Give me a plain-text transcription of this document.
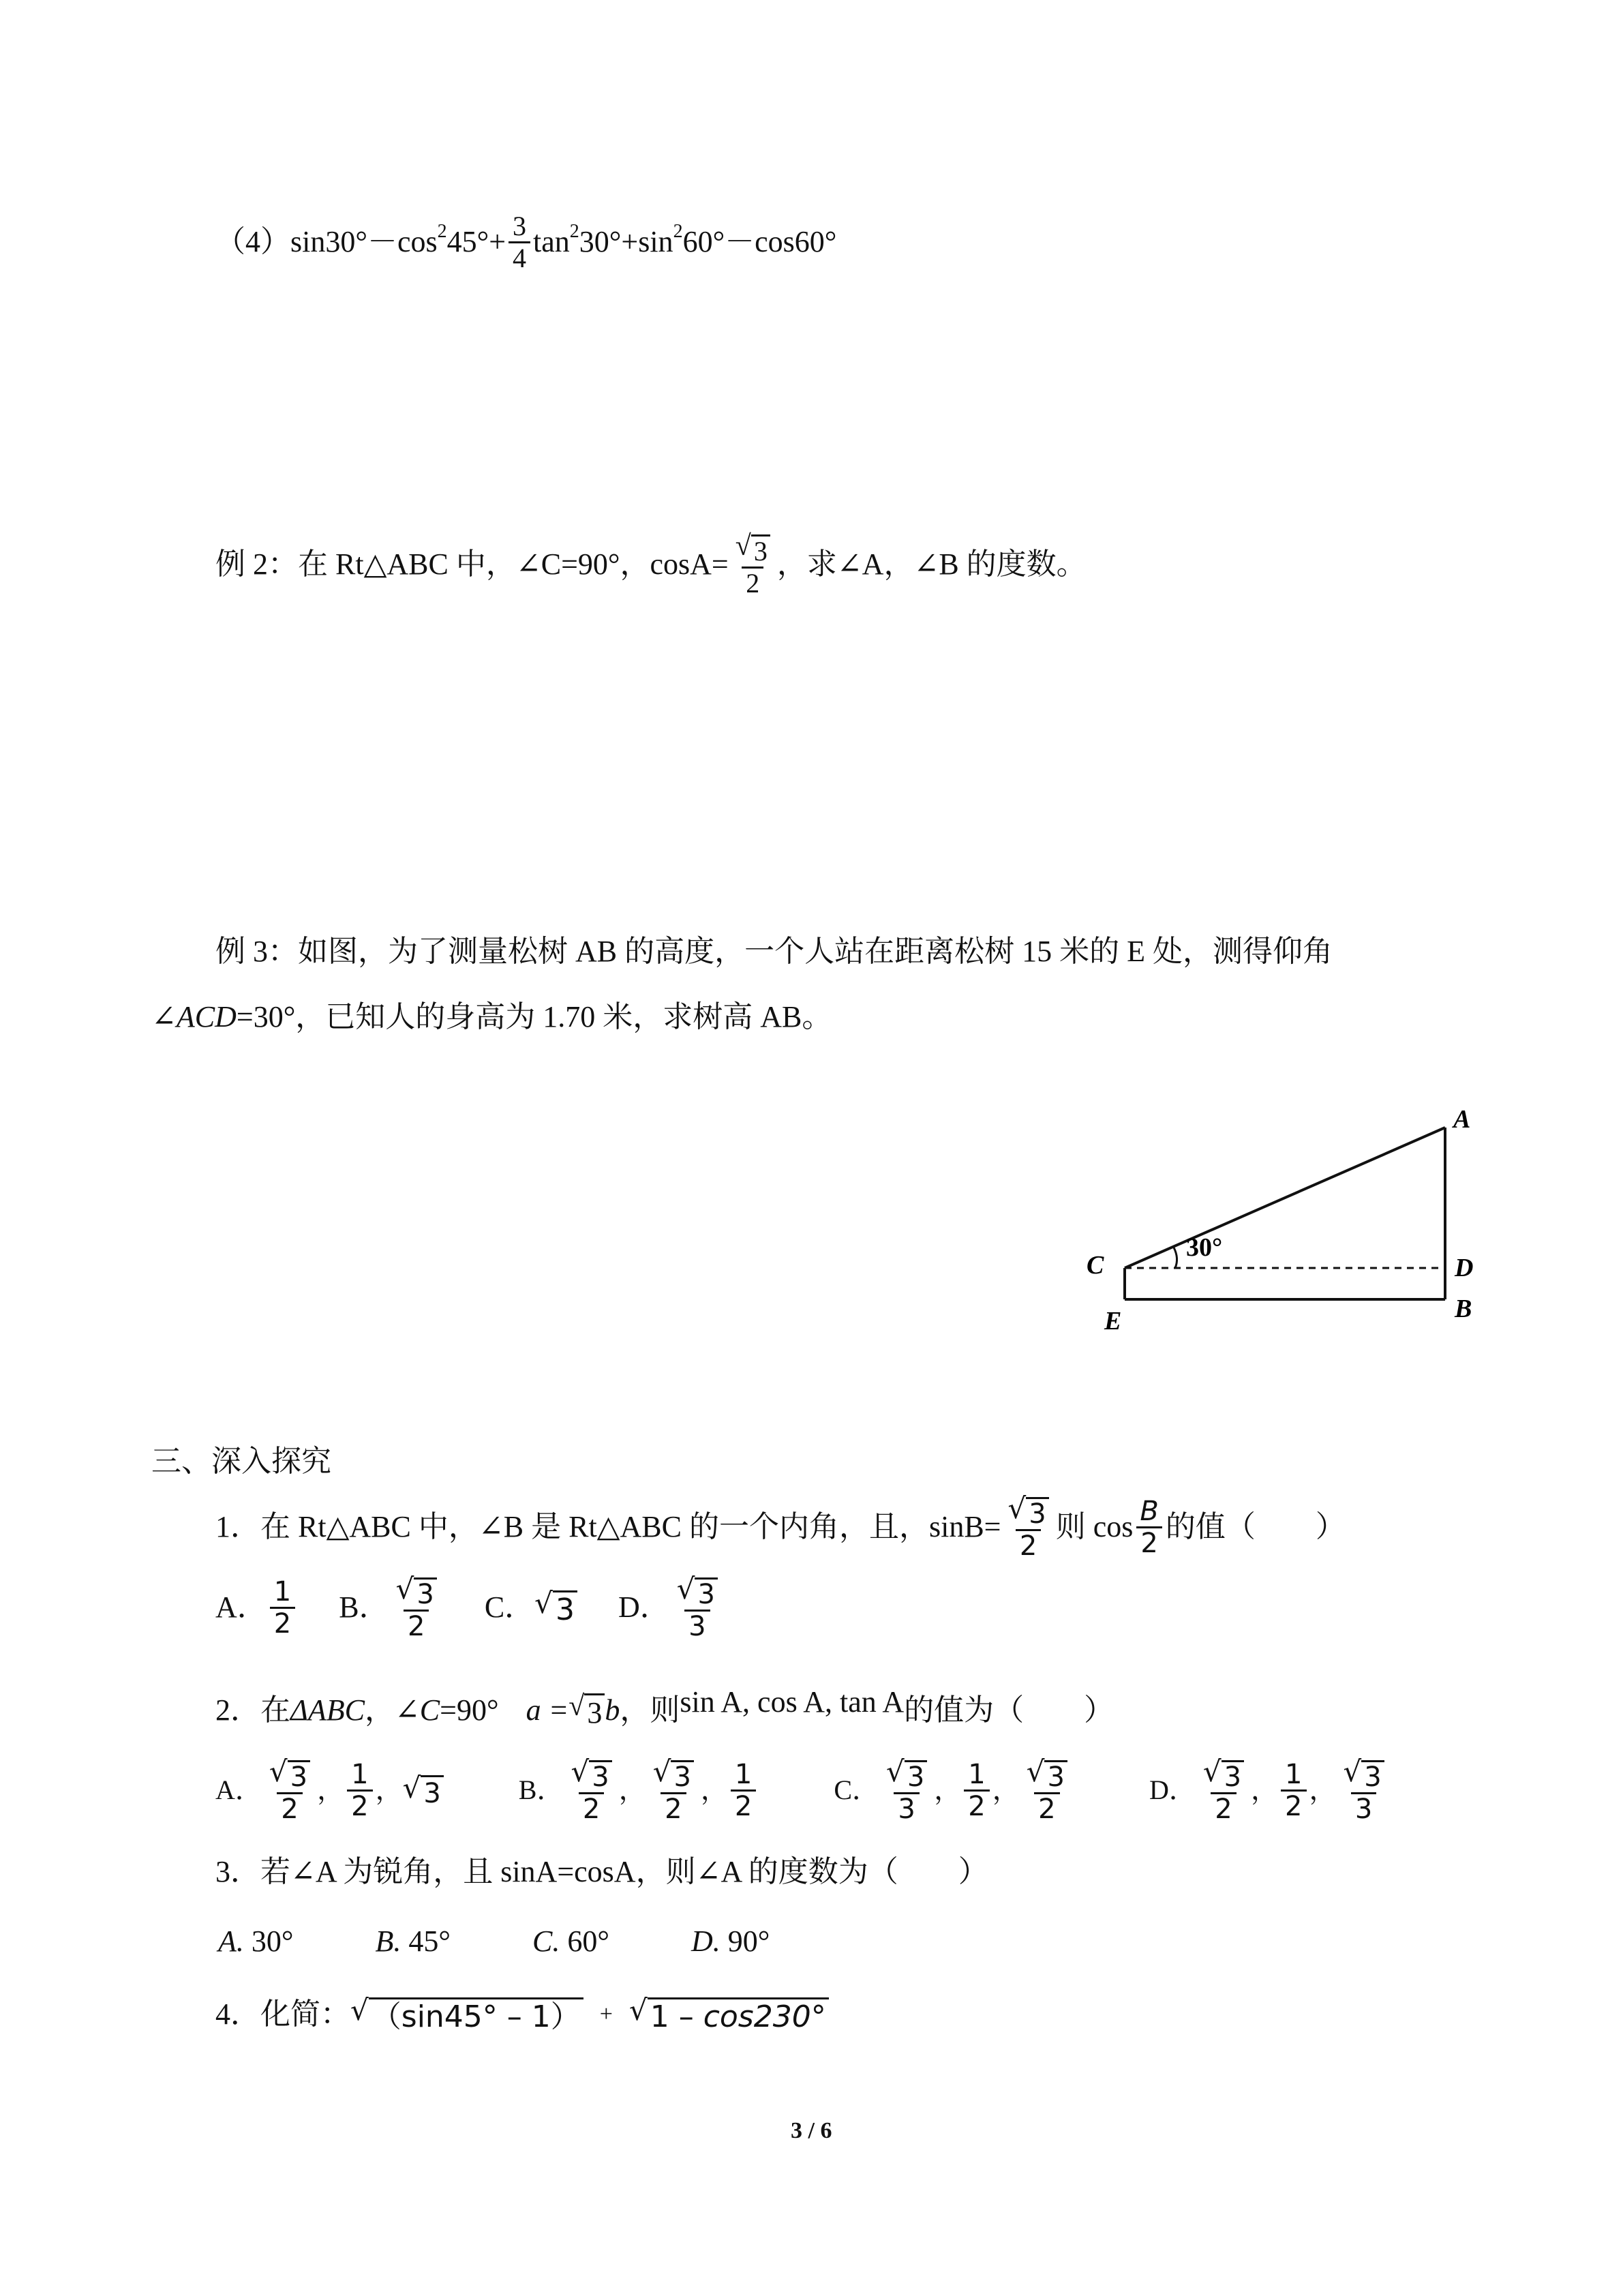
（4）sin30°－cos 2 $45^\circ+ \frac{3}{4}$ tan 2 30°+sin 2 60°－cos60°
例 2：在 Rt△ABC 中，∠C=90°，$\cos A= \frac{√ 3}{2}$ ，求∠A，∠B 的度数。
例 3：如图，为了测量松树 AB 的高度，一个人站在距离松树 15 米的 E 处，测得仰角
∠ACD =30°，已知人的身高为 1.70 米，求树高 AB。
30°
A
C	D
E	B
三、深入探究
1．在 Rt△ABC 中，∠B 是 Rt△ABC 的一个内角，且，$\sin B= \frac{√ 3}{2}$ 则 $\cos \frac{B}{2}$ 的值（　　）
A． $\frac{1}{2}$ B． $\frac{√ 3}{2}$ C． √ 3 D． $\frac{√ 3}{3}$
2．在 ΔABC ， ∠C =90° a = √ 3 b ，则 sin A, cos A, tan A 的值为（　　）
A． $\frac{√ 3}{2}$ ， $\frac{1}{2}$ ， √ 3	B． $\frac{√ 3}{2}$ ， $\frac{√ 3}{2}$ ， $\frac{1}{2}$	C． $\frac{√ 3}{3}$ ， $\frac{1}{2}$ ， $\frac{√ 3}{2}$	D． $\frac{√ 3}{2}$ ， $\frac{1}{2}$ ， $\frac{√ 3}{3}$
3．若∠A 为锐角，且 sinA=cosA，则∠A 的度数为（　　）
A.
30°	B.
45°	C.
60°	D.
90°
4．化简： √ （sin45° – 1） + √ 1 – cos230°
3 / 6
